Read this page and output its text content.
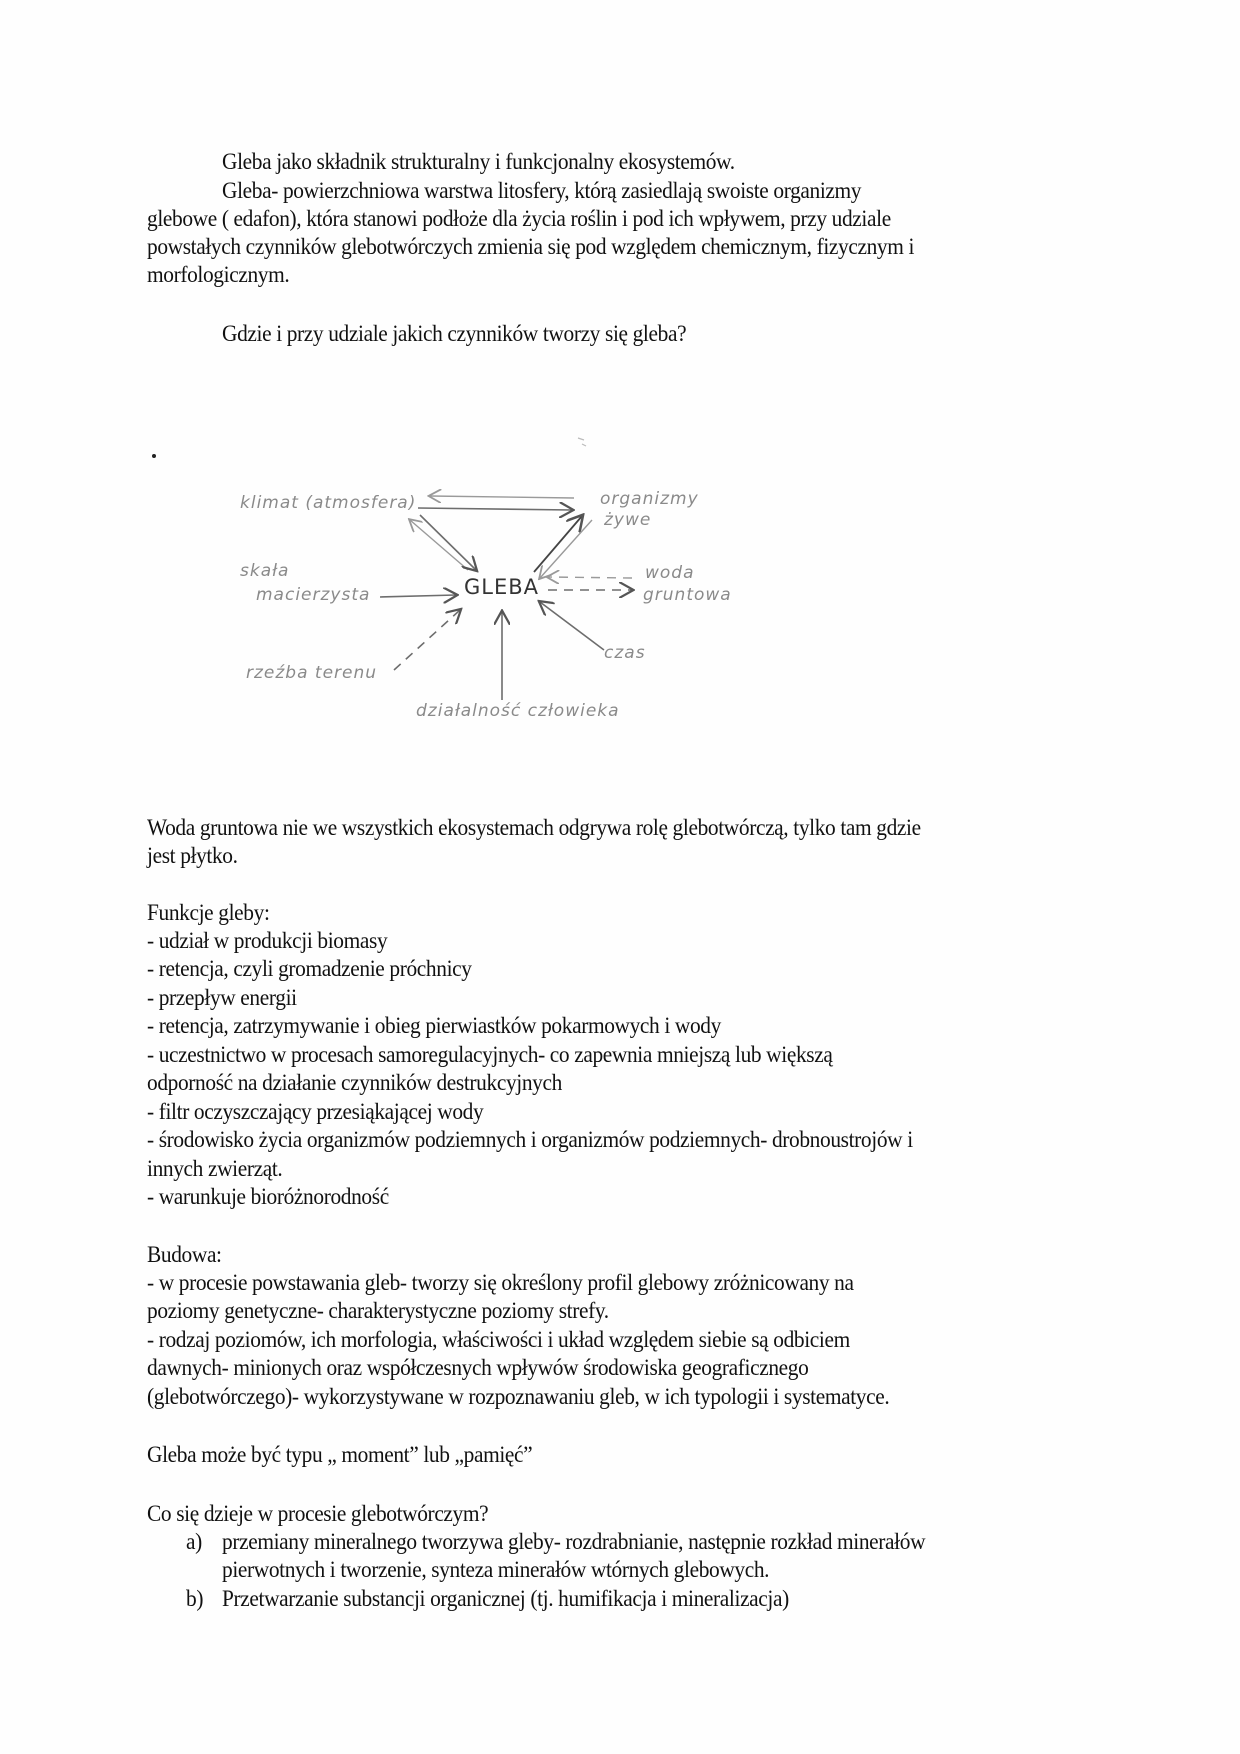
Gleba jako składnik strukturalny i funkcjonalny ekosystemów.
Gleba- powierzchniowa warstwa litosfery, którą zasiedlają swoiste organizmy
glebowe ( edafon), która stanowi podłoże dla życia roślin i pod ich wpływem, przy udziale
powstałych czynników glebotwórczych zmienia się pod względem chemicznym, fizycznym i
morfologicznym.
Gdzie i przy udziale jakich czynników tworzy się gleba?
klimat (atmosfera)	organizmy
żywe
skała
macierzysta	GLEBA
woda
gruntowa
rzeźba terenu
czas
działalność człowieka
Woda gruntowa nie we wszystkich ekosystemach odgrywa rolę glebotwórczą, tylko tam gdzie
jest płytko.
Funkcje gleby:
- udział w produkcji biomasy
- retencja, czyli gromadzenie próchnicy
- przepływ energii
- retencja, zatrzymywanie i obieg pierwiastków pokarmowych i wody
- uczestnictwo w procesach samoregulacyjnych- co zapewnia mniejszą lub większą
odporność na działanie czynników destrukcyjnych
- filtr oczyszczający przesiąkającej wody
- środowisko życia organizmów podziemnych i organizmów podziemnych- drobnoustrojów i
innych zwierząt.
- warunkuje bioróżnorodność
Budowa:
- w procesie powstawania gleb- tworzy się określony profil glebowy zróżnicowany na
poziomy genetyczne- charakterystyczne poziomy strefy.
- rodzaj poziomów, ich morfologia, właściwości i układ względem siebie są odbiciem
dawnych- minionych oraz współczesnych wpływów środowiska geograficznego
(glebotwórczego)- wykorzystywane w rozpoznawaniu gleb, w ich typologii i systematyce.
Gleba może być typu „ moment” lub „pamięć”
Co się dzieje w procesie glebotwórczym?
a) przemiany mineralnego tworzywa gleby- rozdrabnianie, następnie rozkład minerałów
pierwotnych i tworzenie, synteza minerałów wtórnych glebowych.
b) Przetwarzanie substancji organicznej (tj. humifikacja i mineralizacja)
